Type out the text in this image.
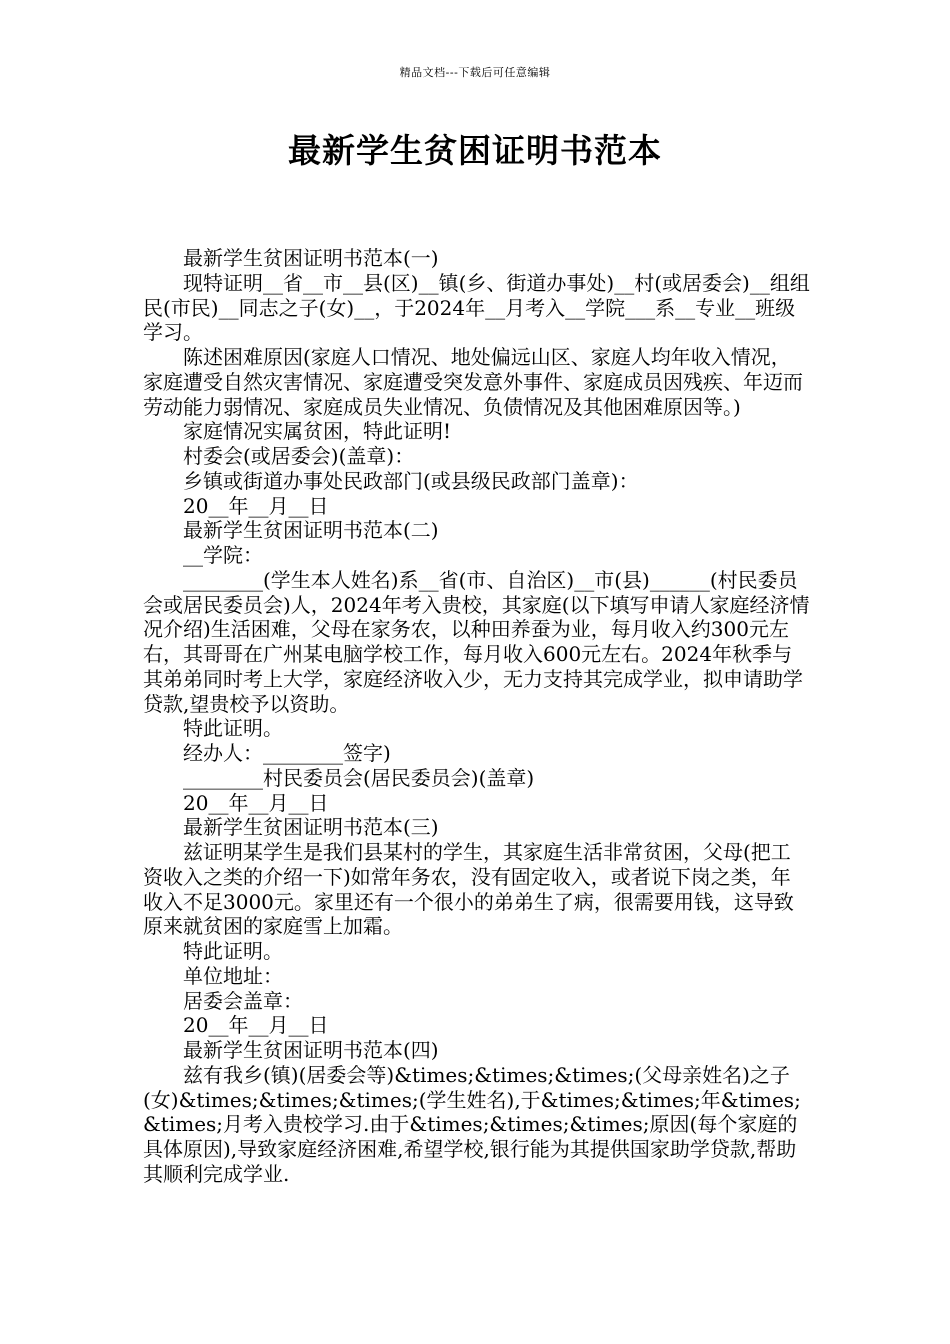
精品文档---下载后可任意编辑
最新学生贫困证明书范本

最新学生贫困证明书范本(一)

现特证明__省__市__县(区)__镇(乡、街道办事处)__村(或居委会)__组组民(市民)__同志之子(女)__，于2024年__月考入__学院___系__专业__班级学习。

陈述困难原因(家庭人口情况、地处偏远山区、家庭人均年收入情况，家庭遭受自然灾害情况、家庭遭受突发意外事件、家庭成员因残疾、年迈而劳动能力弱情况、家庭成员失业情况、负债情况及其他困难原因等。)

家庭情况实属贫困，特此证明!

村委会(或居委会)(盖章)：

乡镇或街道办事处民政部门(或县级民政部门盖章)：

20__年__月__日

最新学生贫困证明书范本(二)

__学院：

________(学生本人姓名)系__省(市、自治区)__市(县)______(村民委员会或居民委员会)人，2024年考入贵校，其家庭(以下填写申请人家庭经济情况介绍)生活困难，父母在家务农，以种田养蚕为业，每月收入约300元左右，其哥哥在广州某电脑学校工作，每月收入600元左右。2024年秋季与其弟弟同时考上大学，家庭经济收入少，无力支持其完成学业，拟申请助学贷款,望贵校予以资助。

特此证明。

经办人：________签字)

________村民委员会(居民委员会)(盖章)

20__年__月__日

最新学生贫困证明书范本(三)

兹证明某学生是我们县某村的学生，其家庭生活非常贫困，父母(把工资收入之类的介绍一下)如常年务农，没有固定收入，或者说下岗之类，年收入不足3000元。家里还有一个很小的弟弟生了病，很需要用钱，这导致原来就贫困的家庭雪上加霜。

特此证明。

单位地址：

居委会盖章：

20__年__月__日

最新学生贫困证明书范本(四)

兹有我乡(镇)(居委会等)&times;&times;&times;(父母亲姓名)之子(女)&times;&times;&times;(学生姓名),于&times;&times;年&times;&times;月考入贵校学习.由于&times;&times;&times;原因(每个家庭的具体原因),导致家庭经济困难,希望学校,银行能为其提供国家助学贷款,帮助其顺利完成学业.
